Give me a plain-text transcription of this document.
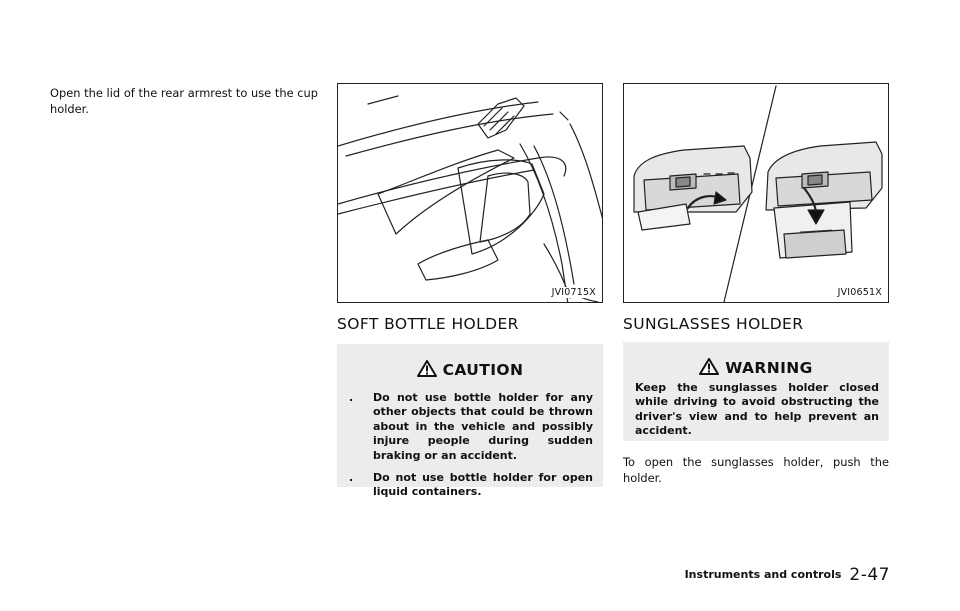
Open the lid of the rear armrest to use the cup holder.

JVI0715X
SOFT BOTTLE HOLDER
CAUTION
. Do not use bottle holder for any other objects that could be thrown about in the vehicle and possibly injure people during sudden braking or an accident.
. Do not use bottle holder for open liquid containers.
JVI0651X
SUNGLASSES HOLDER
WARNING

Keep the sunglasses holder closed while driving to avoid obstructing the driver's view and to help prevent an accident.

To open the sunglasses holder, push the holder.

Instruments and controls 2-47
